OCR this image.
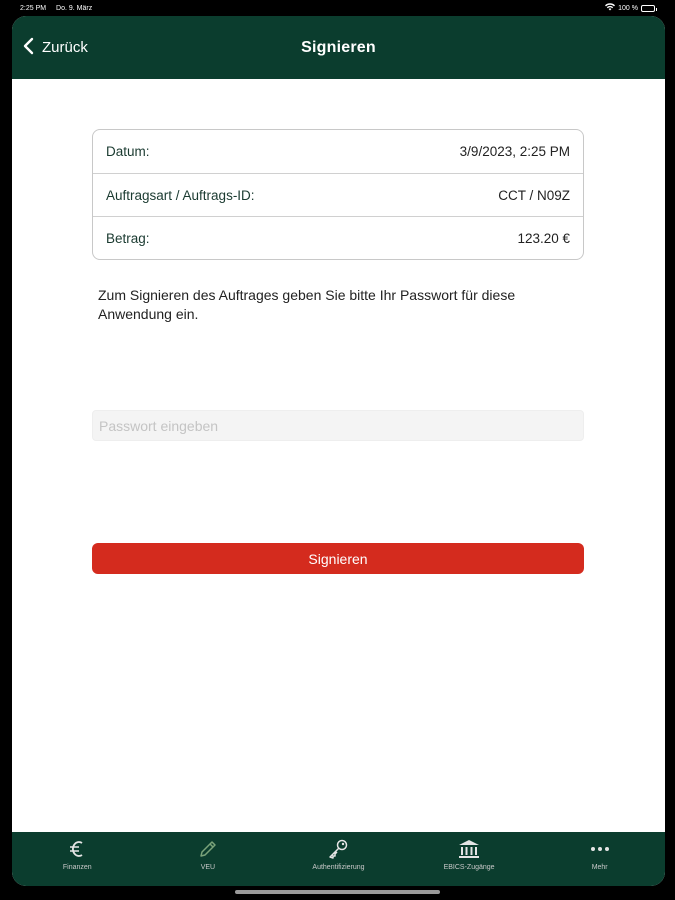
2:25 PM Do. 9. März	100 %
Zurück	Signieren
Datum:	3/9/2023, 2:25 PM
Auftragsart / Auftrags-ID:	CCT / N09Z
Betrag:	123.20 €

Zum Signieren des Auftrages geben Sie bitte Ihr Passwort für diese Anwendung ein.

Signieren
Finanzen	VEU	Authentifizierung	EBICS-Zugänge	Mehr
